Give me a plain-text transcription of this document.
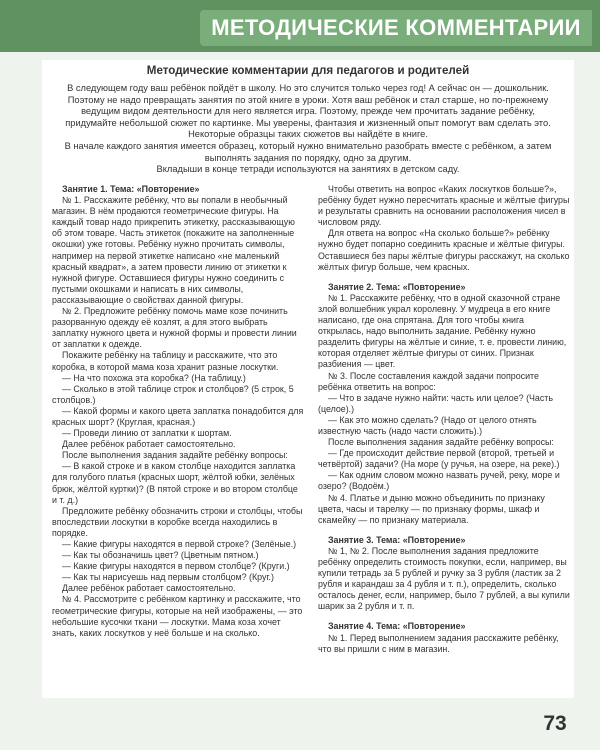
МЕТОДИЧЕСКИЕ КОММЕНТАРИИ
Методические комментарии для педагогов и родителей

В следующем году ваш ребёнок пойдёт в школу. Но это случится только через год! А сейчас он — дошкольник. Поэтому не надо превращать занятия по этой книге в уроки. Хотя ваш ребёнок и стал старше, но по-прежнему ведущим видом деятельности для него является игра. Поэтому, прежде чем прочитать задание ребёнку, придумайте небольшой сюжет по картинке. Мы уверены, фантазия и жизненный опыт помогут вам сделать это. Некоторые образцы таких сюжетов вы найдёте в книге.

В начале каждого занятия имеется образец, который нужно внимательно разобрать вместе с ребёнком, а затем выполнять задания по порядку, одно за другим.

Вкладыши в конце тетради используются на занятиях в детском саду.

Занятие 1. Тема: «Повторение»

№ 1. Расскажите ребёнку, что вы попали в необычный магазин. В нём продаются геометрические фигуры. На каждый товар надо прикрепить этикетку, рассказывающую об этом товаре. Часть этикеток (покажите на заполненные окошки) уже готовы. Ребёнку нужно прочитать символы, например на первой этикетке написано «не маленький красный квадрат», а затем провести линию от этикетки к нужной фигуре. Оставшиеся фигуры нужно соединить с пустыми окошками и написать в них символы, рассказывающие о свойствах данной фигуры.

№ 2. Предложите ребёнку помочь маме козе починить разорванную одежду её козлят, а для этого выбрать заплатку нужного цвета и нужной формы и провести линии от заплатки к одежде.

Покажите ребёнку на таблицу и расскажите, что это коробка, в которой мама коза хранит разные лоскутки.

— На что похожа эта коробка? (На таблицу.)

— Сколько в этой таблице строк и столбцов? (5 строк, 5 столбцов.)

— Какой формы и какого цвета заплатка понадобится для красных шорт? (Круглая, красная.)

— Проведи линию от заплатки к шортам.

Далее ребёнок работает самостоятельно.

После выполнения задания задайте ребёнку вопросы:

— В какой строке и в каком столбце находится заплатка для голубого платья (красных шорт, жёлтой юбки, зелёных брюк, жёлтой куртки)? (В пятой строке и во втором столбце и т. д.)

Предложите ребёнку обозначить строки и столбцы, чтобы впоследствии лоскутки в коробке всегда находились в порядке.

— Какие фигуры находятся в первой строке? (Зелёные.)

— Как ты обозначишь цвет? (Цветным пятном.)

— Какие фигуры находятся в первом столбце? (Круги.)

— Как ты нарисуешь над первым столбцом? (Круг.)

Далее ребёнок работает самостоятельно.

№ 4. Рассмотрите с ребёнком картинку и расскажите, что геометрические фигуры, которые на ней изображены, — это небольшие кусочки ткани — лоскутки. Мама коза хочет знать, каких лоскутков у неё больше и на сколько.

Чтобы ответить на вопрос «Каких лоскутков больше?», ребёнку будет нужно пересчитать красные и жёлтые фигуры и результаты сравнить на основании расположения чисел в числовом ряду.

Для ответа на вопрос «На сколько больше?» ребёнку нужно будет попарно соединить красные и жёлтые фигуры. Оставшиеся без пары жёлтые фигуры расскажут, на сколько жёлтых фигур больше, чем красных.

Занятие 2. Тема: «Повторение»

№ 1. Расскажите ребёнку, что в одной сказочной стране злой волшебник украл королевну. У мудреца в его книге написано, где она спрятана. Для того чтобы книга открылась, надо выполнить задание. Ребёнку нужно разделить фигуры на жёлтые и синие, т. е. провести линию, которая отделяет жёлтые фигуры от синих. Признак разбиения — цвет.

№ 3. После составления каждой задачи попросите ребёнка ответить на вопрос:

— Что в задаче нужно найти: часть или целое? (Часть (целое).)

— Как это можно сделать? (Надо от целого отнять известную часть (надо части сложить).)

После выполнения задания задайте ребёнку вопросы:

— Где происходит действие первой (второй, третьей и четвёртой) задачи? (На море (у ручья, на озере, на реке).)

— Как одним словом можно назвать ручей, реку, море и озеро? (Водоём.)

№ 4. Платье и дыню можно объединить по признаку цвета, часы и тарелку — по признаку формы, шкаф и скамейку — по признаку материала.

Занятие 3. Тема: «Повторение»

№ 1, № 2. После выполнения задания предложите ребёнку определить стоимость покупки, если, например, вы купили тетрадь за 5 рублей и ручку за 3 рубля (ластик за 2 рубля и карандаш за 4 рубля и т. п.), определить, сколько осталось денег, если, например, было 7 рублей, а вы купили шарик за 2 рубля и т. п.

Занятие 4. Тема: «Повторение»

№ 1. Перед выполнением задания расскажите ребёнку, что вы пришли с ним в магазин.

73
